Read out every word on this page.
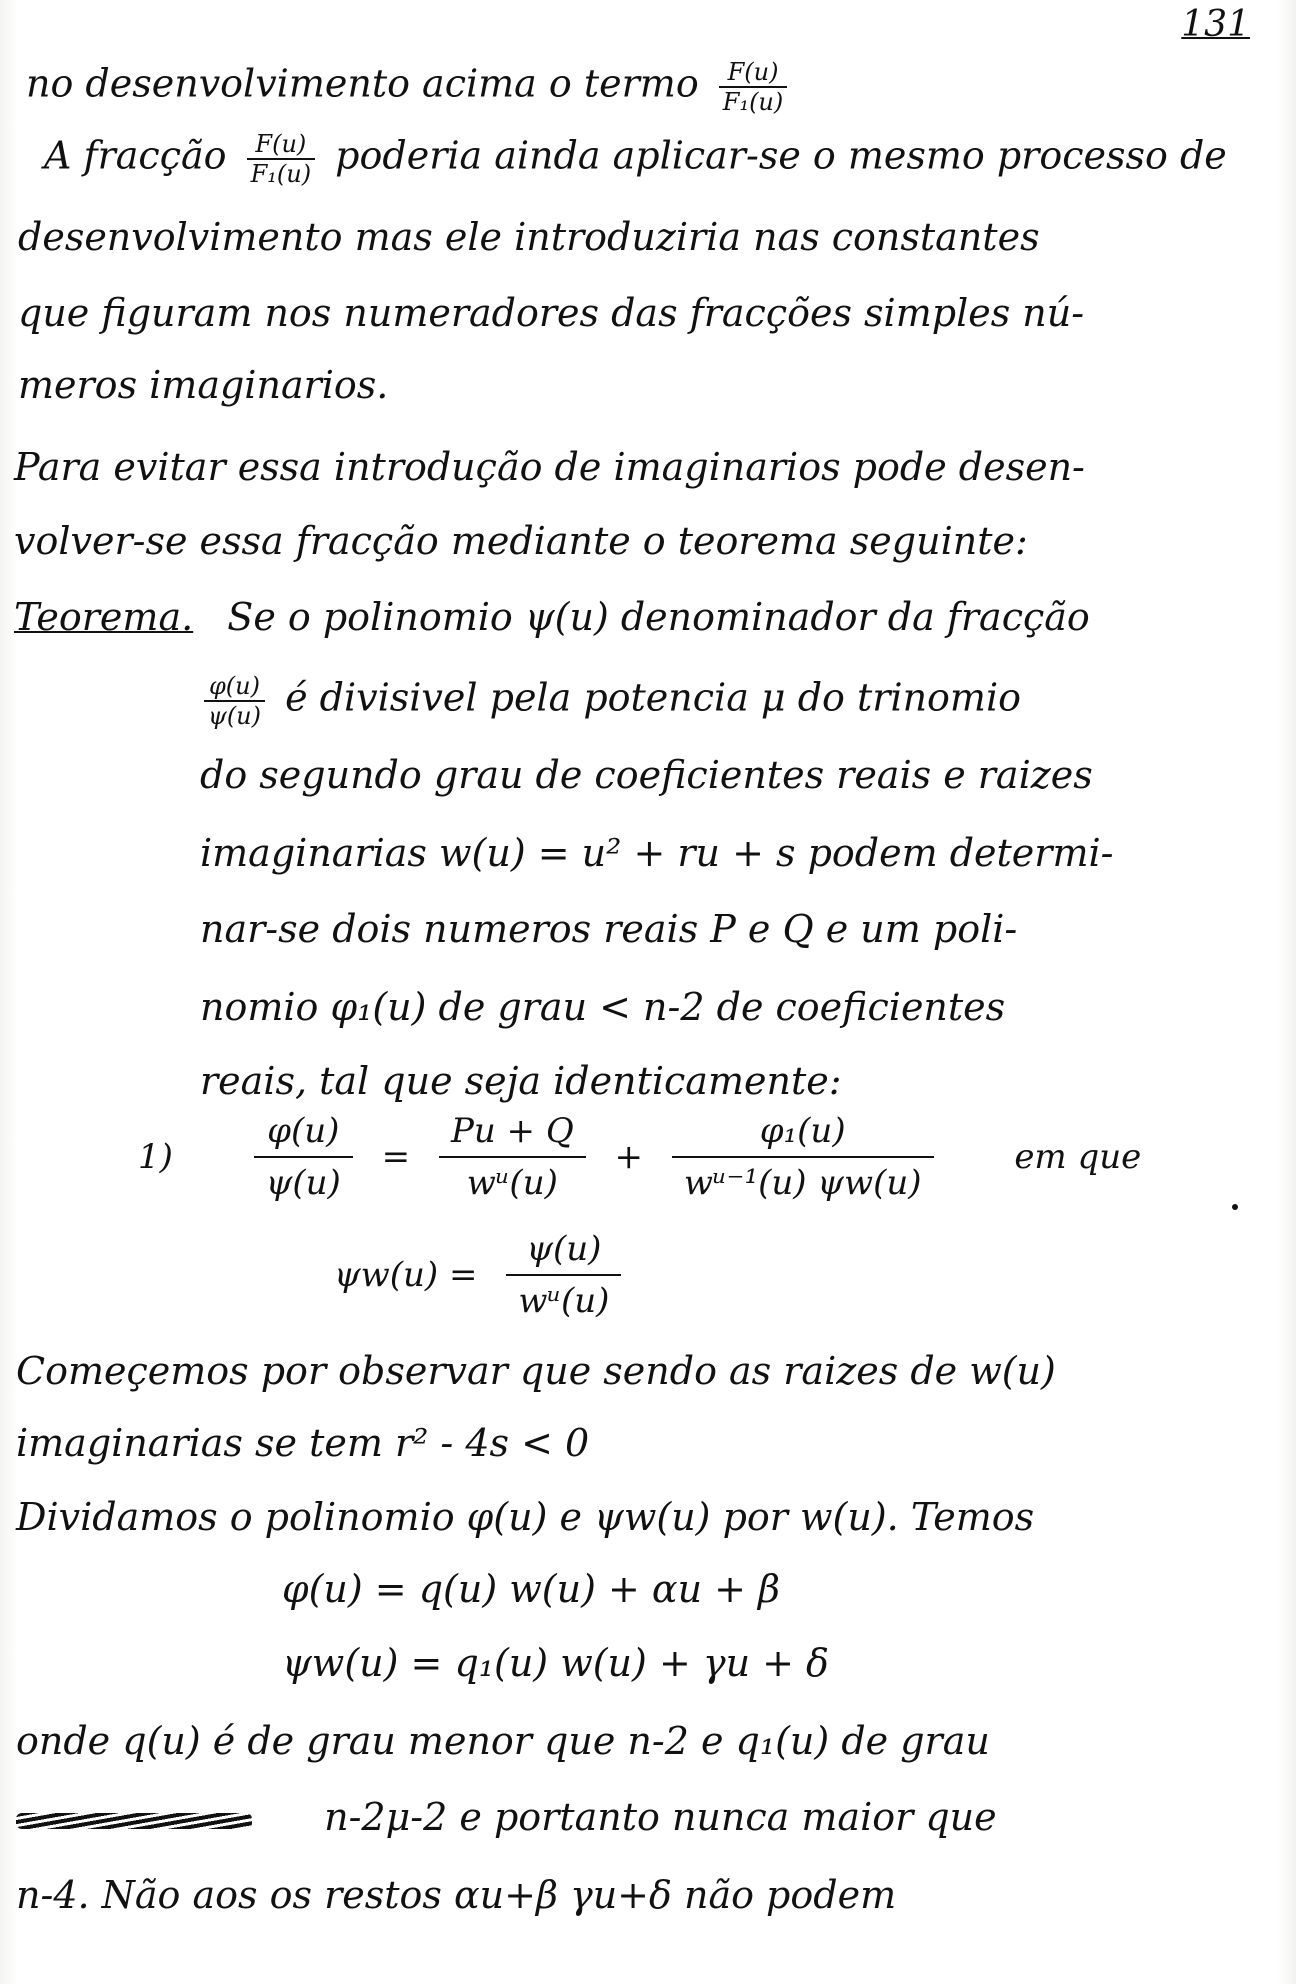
131
no desenvolvimento acima o termo $\frac{F(u)}{\text{F₁(u)}}$
A fracção $\frac{F(u)}{\text{F₁(u)}}$ poderia ainda aplicar-se o mesmo processo de
desenvolvimento mas ele introduziria nas constantes
que figuram nos numeradores das fracções simples nú-
meros imaginarios.
Para evitar essa introdução de imaginarios pode desen-
volver-se essa fracção mediante o teorema seguinte:
Teorema. Se o polinomio ψ(u) denominador da fracção
$\frac{\varphi(u)}{\psi(u)}$ é divisivel pela potencia μ do trinomio
do segundo grau de coeficientes reais e raizes
imaginarias w(u) = u² + ru + s podem determi-
nar-se dois numeros reais P e Q e um poli-
nomio φ₁(u) de grau < n-2 de coeficientes
reais, tal que seja identicamente:
$1) \frac{\varphi(u)}{\psi(u)} = \frac{Pu + Q}{\text{wᵘ(u)}} + \frac{\text{φ₁(u)}}{\text{wᵘ⁻¹(u) ψw(u)}}$ em que
$\psi w(u) = \frac{\psi(u)}{\text{wᵘ(u)}}$
Começemos por observar que sendo as raizes de w(u)
imaginarias se tem r² - 4s < 0
Dividamos o polinomio φ(u) e ψw(u) por w(u). Temos
φ(u) = q(u) w(u) + αu + β
ψw(u) = q₁(u) w(u) + γu + δ
onde q(u) é de grau menor que n-2 e q₁(u) de grau
n-2μ-2 e portanto nunca maior que
n-4. Não aos os restos αu+β γu+δ não podem
